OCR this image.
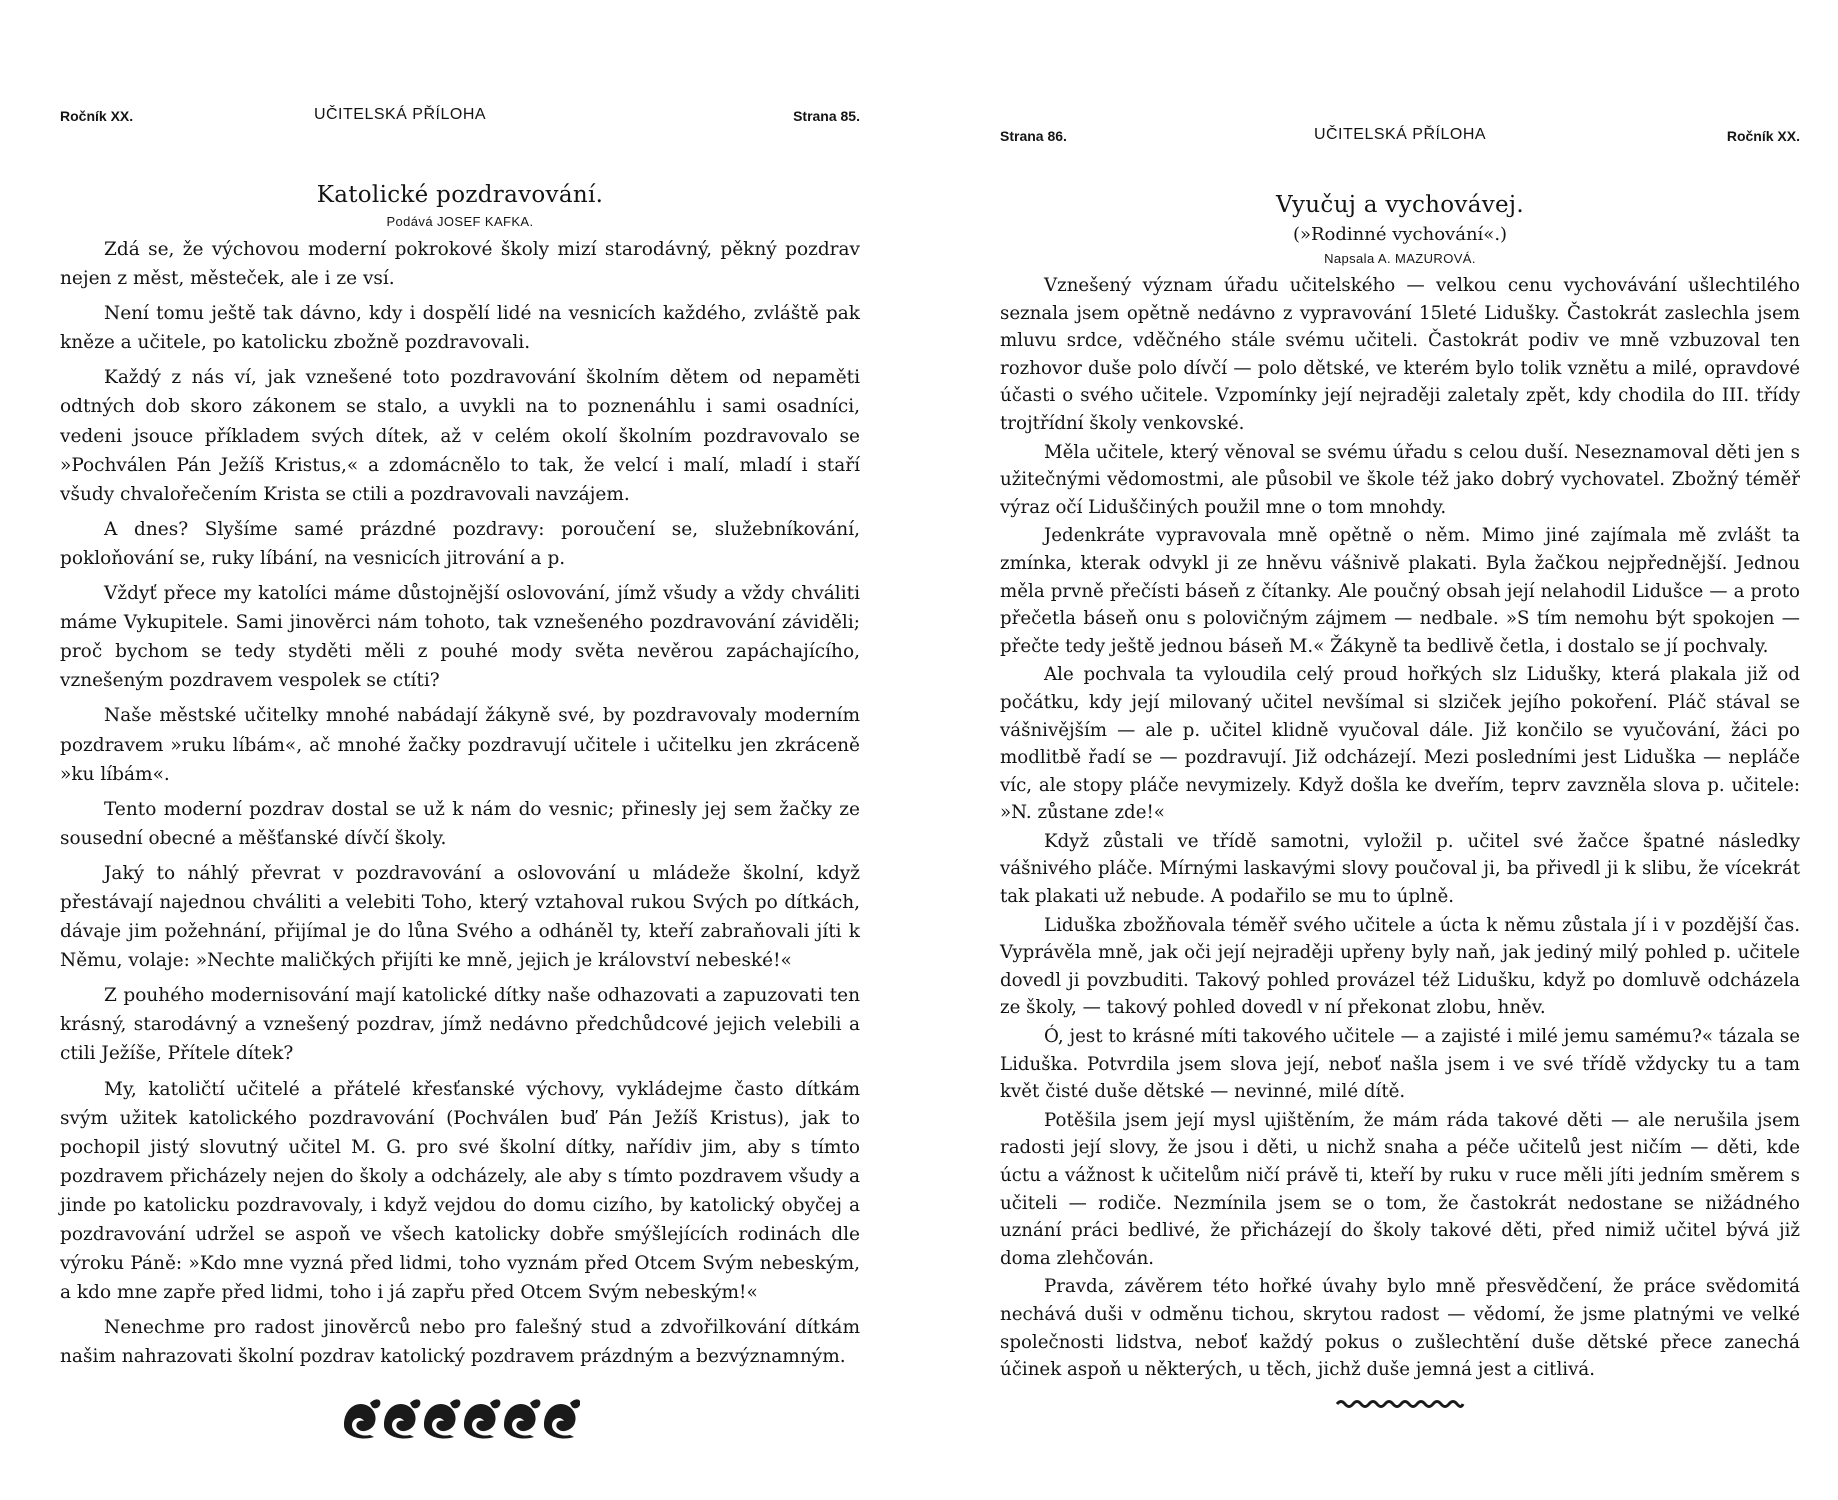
Ročník XX.	UČITELSKÁ PŘÍLOHA	Strana 85.
Katolické pozdravování.
Podává JOSEF KAFKA.

Zdá se, že výchovou moderní pokrokové školy mizí starodávný, pěkný pozdrav nejen z měst, městeček, ale i ze vsí.

Není tomu ještě tak dávno, kdy i dospělí lidé na vesnicích každého, zvláště pak kněze a učitele, po katolicku zbožně pozdravovali.

Každý z nás ví, jak vznešené toto pozdravování školním dětem od nepaměti odtných dob skoro zákonem se stalo, a uvykli na to poznenáhlu i sami osadníci, vedeni jsouce příkladem svých dítek, až v celém okolí školním pozdravovalo se »Pochválen Pán Ježíš Kristus,« a zdomácnělo to tak, že velcí i malí, mladí i staří všudy chvalořečením Krista se ctili a pozdravovali navzájem.

A dnes? Slyšíme samé prázdné pozdravy: poroučení se, služebníkování, pokloňování se, ruky líbání, na vesnicích jitrování a p.

Vždyť přece my katolíci máme důstojnější oslovování, jímž všudy a vždy chváliti máme Vykupitele. Sami jinověrci nám tohoto, tak vznešeného pozdravování záviděli; proč bychom se tedy styděti měli z pouhé mody světa nevěrou zapáchajícího, vznešeným pozdravem vespolek se ctíti?

Naše městské učitelky mnohé nabádají žákyně své, by pozdravovaly moderním pozdravem »ruku líbám«, ač mnohé žačky pozdravují učitele i učitelku jen zkráceně »ku líbám«.

Tento moderní pozdrav dostal se už k nám do vesnic; přinesly jej sem žačky ze sousední obecné a měšťanské dívčí školy.

Jaký to náhlý převrat v pozdravování a oslovování u mládeže školní, když přestávají najednou chváliti a velebiti Toho, který vztahoval rukou Svých po dítkách, dávaje jim požehnání, přijímal je do lůna Svého a odháněl ty, kteří zabraňovali jíti k Němu, volaje: »Nechte maličkých přijíti ke mně, jejich je království nebeské!«

Z pouhého modernisování mají katolické dítky naše odhazovati a zapuzovati ten krásný, starodávný a vznešený pozdrav, jímž nedávno předchůdcové jejich velebili a ctili Ježíše, Přítele dítek?

My, katoličtí učitelé a přátelé křesťanské výchovy, vykládejme často dítkám svým užitek katolického pozdravování (Pochválen buď Pán Ježíš Kristus), jak to pochopil jistý slovutný učitel M. G. pro své školní dítky, nařídiv jim, aby s tímto pozdravem přicházely nejen do školy a odcházely, ale aby s tímto pozdravem všudy a jinde po katolicku pozdravovaly, i když vejdou do domu cizího, by katolický obyčej a pozdravování udržel se aspoň ve všech katolicky dobře smýšlejících rodinách dle výroku Páně: »Kdo mne vyzná před lidmi, toho vyznám před Otcem Svým nebeským, a kdo mne zapře před lidmi, toho i já zapřu před Otcem Svým nebeským!«

Nenechme pro radost jinověrců nebo pro falešný stud a zdvořilkování dítkám našim nahrazovati školní pozdrav katolický pozdravem prázdným a bezvýznamným.

Strana 86.	UČITELSKÁ PŘÍLOHA	Ročník XX.
Vyučuj a vychovávej.
(»Rodinné vychování«.)
Napsala A. MAZUROVÁ.

Vznešený význam úřadu učitelského — velkou cenu vychovávání ušlechtilého seznala jsem opětně nedávno z vypravování 15leté Lidušky. Častokrát zaslechla jsem mluvu srdce, vděčného stále svému učiteli. Častokrát podiv ve mně vzbuzoval ten rozhovor duše polo dívčí — polo dětské, ve kterém bylo tolik vznětu a milé, opravdové účasti o svého učitele. Vzpomínky její nejraději zaletaly zpět, kdy chodila do III. třídy trojtřídní školy venkovské.

Měla učitele, který věnoval se svému úřadu s celou duší. Neseznamoval děti jen s užitečnými vědomostmi, ale působil ve škole též jako dobrý vychovatel. Zbožný téměř výraz očí Liduščiných použil mne o tom mnohdy.

Jedenkráte vypravovala mně opětně o něm. Mimo jiné zajímala mě zvlášt ta zmínka, kterak odvykl ji ze hněvu vášnivě plakati. Byla žačkou nejpřednější. Jednou měla prvně přečísti báseň z čítanky. Ale poučný obsah její nelahodil Lidušce — a proto přečetla báseň onu s polovičným zájmem — nedbale. »S tím nemohu být spokojen — přečte tedy ještě jednou báseň M.« Žákyně ta bedlivě četla, i dostalo se jí pochvaly.

Ale pochvala ta vyloudila celý proud hořkých slz Lidušky, která plakala již od počátku, kdy její milovaný učitel nevšímal si slziček jejího pokoření. Pláč stával se vášnivějším — ale p. učitel klidně vyučoval dále. Již končilo se vyučování, žáci po modlitbě řadí se — pozdravují. Již odcházejí. Mezi posledními jest Liduška — nepláče víc, ale stopy pláče nevymizely. Když došla ke dveřím, teprv zavzněla slova p. učitele: »N. zůstane zde!«

Když zůstali ve třídě samotni, vyložil p. učitel své žačce špatné následky vášnivého pláče. Mírnými laskavými slovy poučoval ji, ba přivedl ji k slibu, že vícekrát tak plakati už nebude. A podařilo se mu to úplně.

Liduška zbožňovala téměř svého učitele a úcta k němu zůstala jí i v pozdější čas. Vyprávěla mně, jak oči její nejraději upřeny byly naň, jak jediný milý pohled p. učitele dovedl ji povzbuditi. Takový pohled provázel též Lidušku, když po domluvě odcházela ze školy, — takový pohled dovedl v ní překonat zlobu, hněv.

Ó, jest to krásné míti takového učitele — a zajisté i milé jemu samému?« tázala se Liduška. Potvrdila jsem slova její, neboť našla jsem i ve své třídě vždycky tu a tam květ čisté duše dětské — nevinné, milé dítě.

Potěšila jsem její mysl ujištěním, že mám ráda takové děti — ale nerušila jsem radosti její slovy, že jsou i děti, u nichž snaha a péče učitelů jest ničím — děti, kde úctu a vážnost k učitelům ničí právě ti, kteří by ruku v ruce měli jíti jedním směrem s učiteli — rodiče. Nezmínila jsem se o tom, že častokrát nedostane se nižádného uznání práci bedlivé, že přicházejí do školy takové děti, před nimiž učitel bývá již doma zlehčován.

Pravda, závěrem této hořké úvahy bylo mně přesvědčení, že práce svědomitá nechává duši v odměnu tichou, skrytou radost — vědomí, že jsme platnými ve velké společnosti lidstva, neboť každý pokus o zušlechtění duše dětské přece zanechá účinek aspoň u některých, u těch, jichž duše jemná jest a citlivá.
